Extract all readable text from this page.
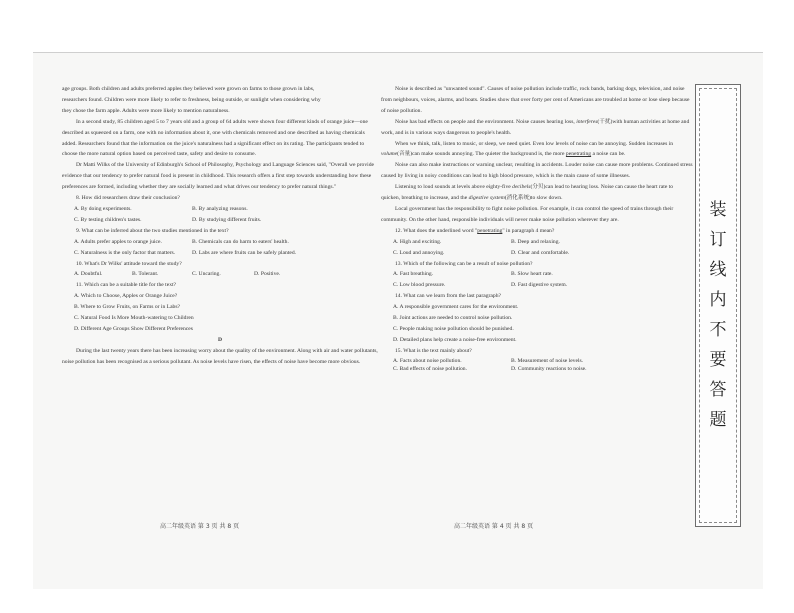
age groups. Both children and adults preferred apples they believed were grown on farms to those grown in labs,

researchers found. Children were more likely to refer to freshness, being outside, or sunlight when considering why

they chose the farm apple. Adults were more likely to mention naturalness.

In a second study, 85 children aged 5 to 7 years old and a group of 64 adults were shown four different kinds of orange juice—one described as squeezed on a farm, one with no information about it, one with chemicals removed and one described as having chemicals added. Researchers found that the information on the juice's naturalness had a significant effect on its rating. The participants tended to choose the more natural option based on perceived taste, safety and desire to consume.

Dr Matti Wilks of the University of Edinburgh's School of Philosophy, Psychology and Language Sciences said, "Overall we provide evidence that our tendency to prefer natural food is present in childhood. This research offers a first step towards understanding how these preferences are formed, including whether they are socially learned and what drives our tendency to prefer natural things."

8. How did researchers draw their conclusion?

A. By doing experiments.	B. By analyzing reasons.
C. By testing children's tastes.	D. By studying different fruits.

9. What can be inferred about the two studies mentioned in the text?

A. Adults prefer apples to orange juice.	B. Chemicals can do harm to eaters' health.
C. Naturalness is the only factor that matters.	D. Labs are where fruits can be safely planted.

10. What's Dr Wilks' attitude toward the study?

A. Doubtful.	B. Tolerant.	C. Uncaring.	D. Positive.

11. Which can be a suitable title for the text?

A. Which to Choose, Apples or Orange Juice?

B. Where to Grow Fruits, on Farms or in Labs?

C. Natural Food Is More Mouth-watering to Children

D. Different Age Groups Show Different Preferences

D

During the last twenty years there has been increasing worry about the quality of the environment. Along with air and water pollutants, noise pollution has been recognised as a serious pollutant. As noise levels have risen, the effects of noise have become more obvious.

Noise is described as "unwanted sound". Causes of noise pollution include traffic, rock bands, barking dogs, television, and noise from neighbours, voices, alarms, and boats. Studies show that over forty per cent of Americans are troubled at home or lose sleep because of noise pollution.

Noise has bad effects on people and the environment. Noise causes hearing loss, interferes(干扰)with human activities at home and work, and is in various ways dangerous to people's health.

When we think, talk, listen to music, or sleep, we need quiet. Even low levels of noise can be annoying. Sudden increases in volume(音量)can make sounds annoying. The quieter the background is, the more penetrating a noise can be.

Noise can also make instructions or warning unclear, resulting in accidents. Louder noise can cause more problems. Continued stress caused by living in noisy conditions can lead to high blood pressure, which is the main cause of some illnesses.

Listening to loud sounds at levels above eighty-five decibels(分贝)can lead to hearing loss. Noise can cause the heart rate to quicken, breathing to increase, and the digestive system(消化系统)to slow down.

Local government has the responsibility to fight noise pollution. For example, it can control the speed of trains through their community. On the other hand, responsible individuals will never make noise pollution wherever they are.

12. What does the underlined word "penetrating" in paragraph 4 mean?

A. High and exciting.	B. Deep and relaxing.
C. Loud and annoying.	D. Clear and comfortable.

13. Which of the following can be a result of noise pollution?

A. Fast breathing.	B. Slow heart rate.
C. Low blood pressure.	D. Fast digestive system.

14. What can we learn from the last paragraph?

A. A responsible government cares for the environment.

B. Joint actions are needed to control noise pollution.

C. People making noise pollution should be punished.

D. Detailed plans help create a noise-free environment.

15. What is the text mainly about?

A. Facts about noise pollution.	B. Measurement of noise levels.
C. Bad effects of noise pollution.	D. Community reactions to noise.
高二年级英语 第 3 页 共 8 页	高二年级英语 第 4 页 共 8 页
装
订
线
内
不
要
答
题
